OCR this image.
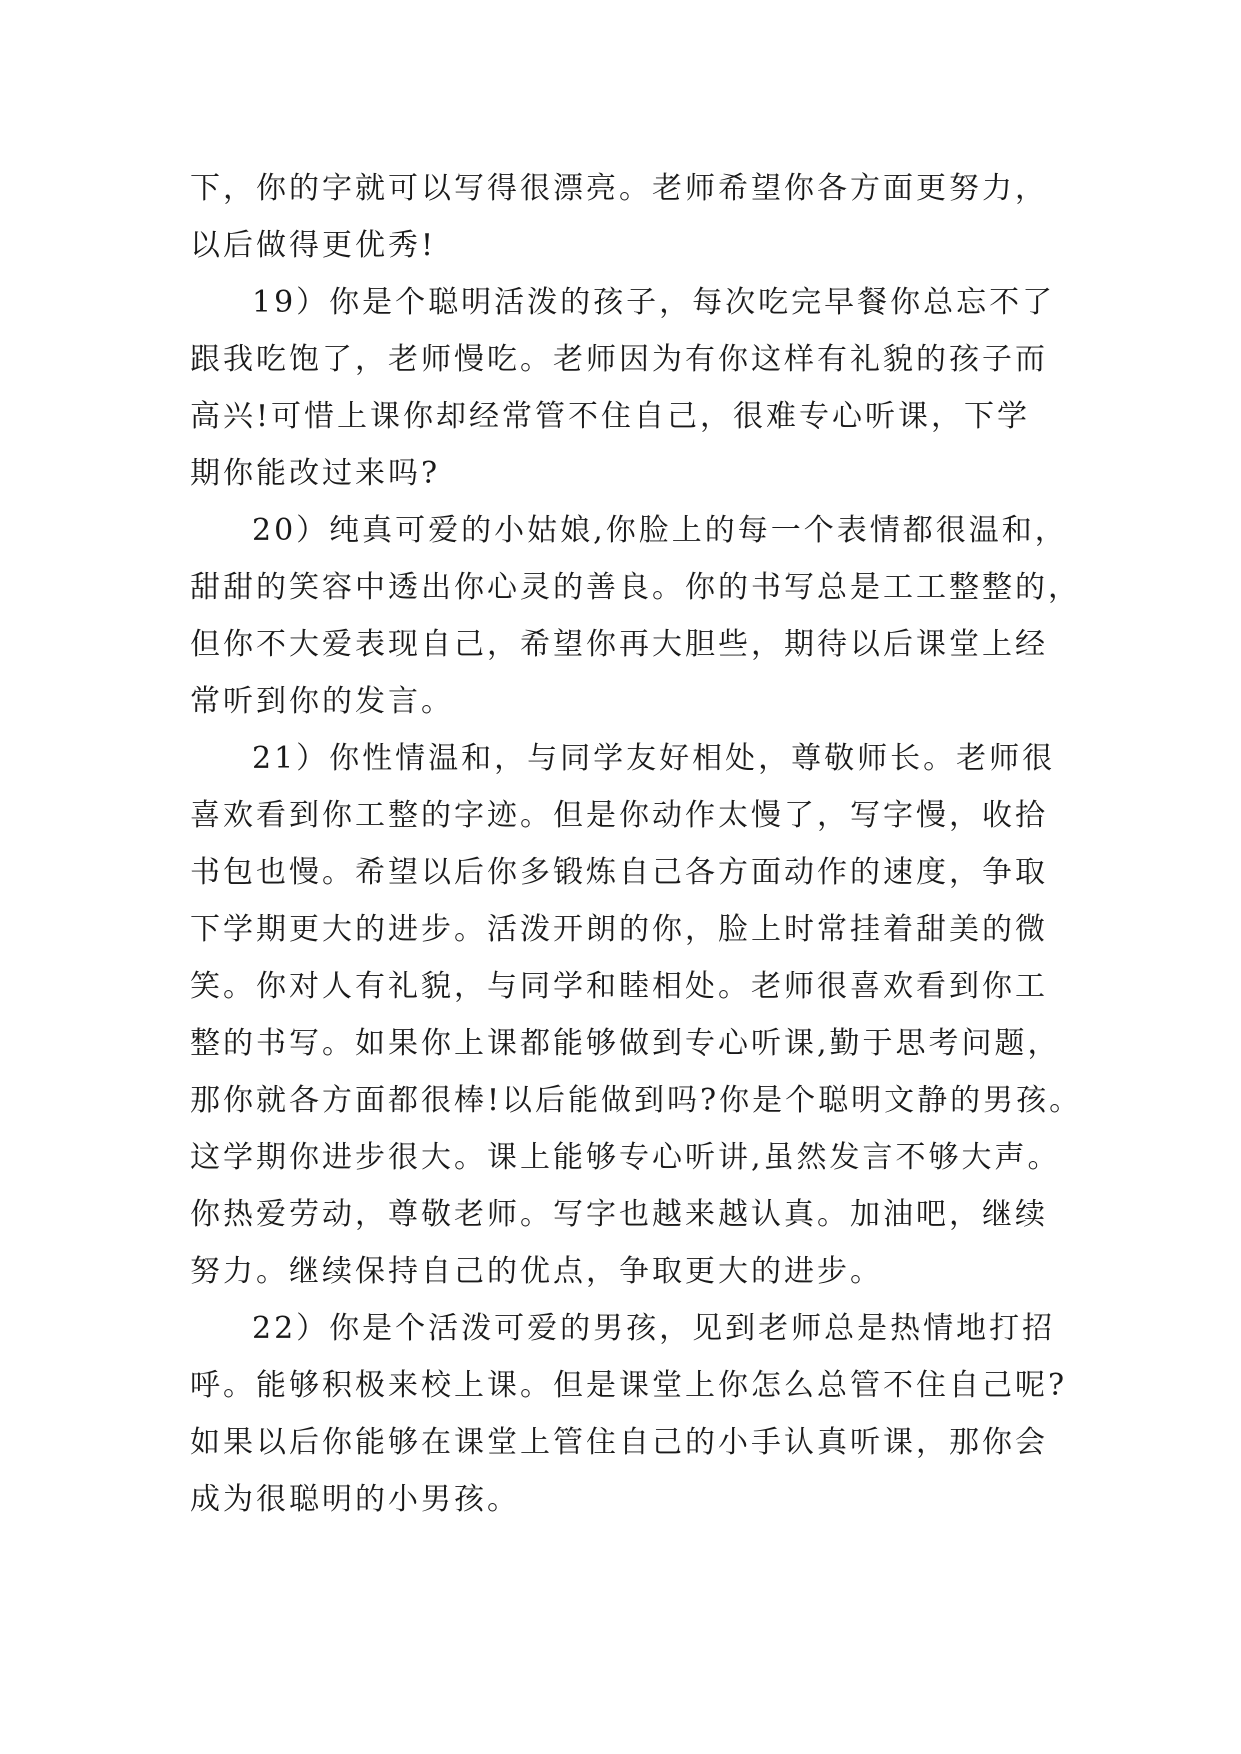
下，你的字就可以写得很漂亮。老师希望你各方面更努力，
以后做得更优秀!
19）你是个聪明活泼的孩子，每次吃完早餐你总忘不了
跟我吃饱了，老师慢吃。老师因为有你这样有礼貌的孩子而
高兴!可惜上课你却经常管不住自己，很难专心听课，下学
期你能改过来吗?
20）纯真可爱的小姑娘,你脸上的每一个表情都很温和，
甜甜的笑容中透出你心灵的善良。你的书写总是工工整整的，
但你不大爱表现自己，希望你再大胆些，期待以后课堂上经
常听到你的发言。
21）你性情温和，与同学友好相处，尊敬师长。老师很
喜欢看到你工整的字迹。但是你动作太慢了，写字慢，收拾
书包也慢。希望以后你多锻炼自己各方面动作的速度，争取
下学期更大的进步。活泼开朗的你，脸上时常挂着甜美的微
笑。你对人有礼貌，与同学和睦相处。老师很喜欢看到你工
整的书写。如果你上课都能够做到专心听课,勤于思考问题，
那你就各方面都很棒!以后能做到吗?你是个聪明文静的男孩。
这学期你进步很大。课上能够专心听讲,虽然发言不够大声。
你热爱劳动，尊敬老师。写字也越来越认真。加油吧，继续
努力。继续保持自己的优点，争取更大的进步。
22）你是个活泼可爱的男孩，见到老师总是热情地打招
呼。能够积极来校上课。但是课堂上你怎么总管不住自己呢?
如果以后你能够在课堂上管住自己的小手认真听课，那你会
成为很聪明的小男孩。
